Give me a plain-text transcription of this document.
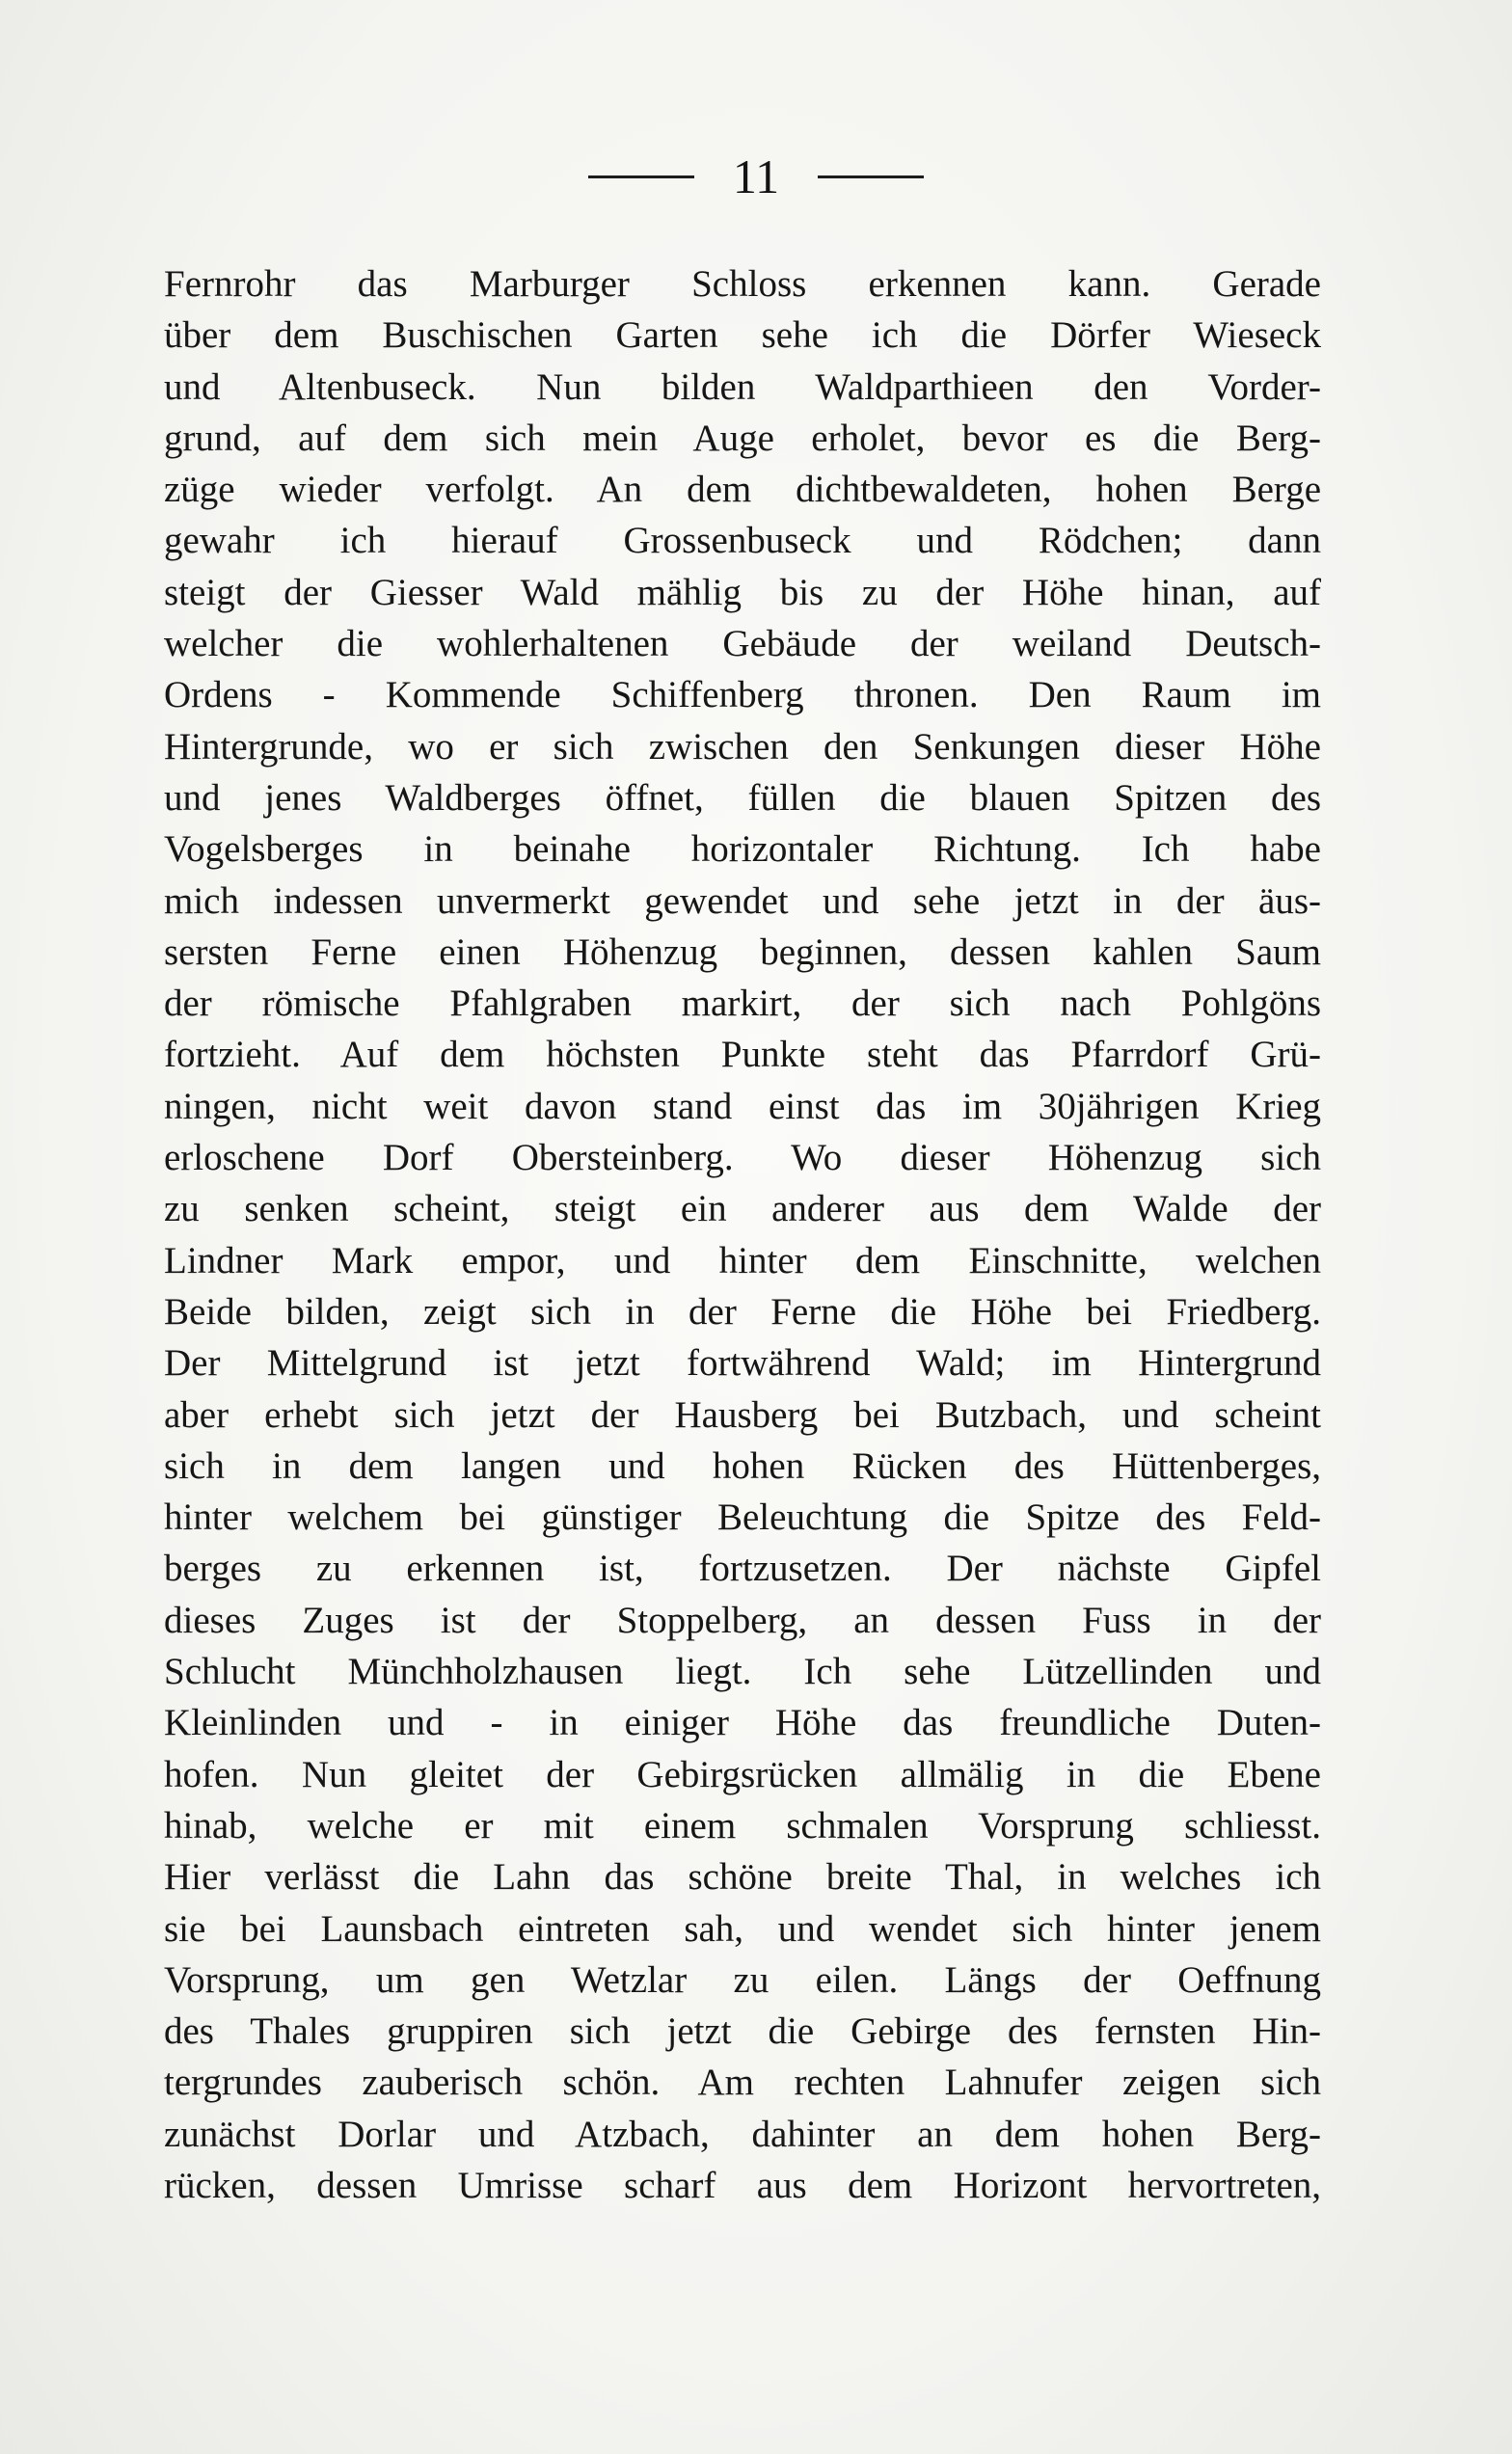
11
Fernrohr das Marburger Schloss erkennen kann. Gerade
über dem Buschischen Garten sehe ich die Dörfer Wieseck
und Altenbuseck. Nun bilden Waldparthieen den Vorder-
grund, auf dem sich mein Auge erholet, bevor es die Berg-
züge wieder verfolgt. An dem dichtbewaldeten, hohen Berge
gewahr ich hierauf Grossenbuseck und Rödchen; dann
steigt der Giesser Wald mählig bis zu der Höhe hinan, auf
welcher die wohlerhaltenen Gebäude der weiland Deutsch-
Ordens - Kommende Schiffenberg thronen. Den Raum im
Hintergrunde, wo er sich zwischen den Senkungen dieser Höhe
und jenes Waldberges öffnet, füllen die blauen Spitzen des
Vogelsberges in beinahe horizontaler Richtung. Ich habe
mich indessen unvermerkt gewendet und sehe jetzt in der äus-
sersten Ferne einen Höhenzug beginnen, dessen kahlen Saum
der römische Pfahlgraben markirt, der sich nach Pohlgöns
fortzieht. Auf dem höchsten Punkte steht das Pfarrdorf Grü-
ningen, nicht weit davon stand einst das im 30jährigen Krieg
erloschene Dorf Obersteinberg. Wo dieser Höhenzug sich
zu senken scheint, steigt ein anderer aus dem Walde der
Lindner Mark empor, und hinter dem Einschnitte, welchen
Beide bilden, zeigt sich in der Ferne die Höhe bei Friedberg.
Der Mittelgrund ist jetzt fortwährend Wald; im Hintergrund
aber erhebt sich jetzt der Hausberg bei Butzbach, und scheint
sich in dem langen und hohen Rücken des Hüttenberges,
hinter welchem bei günstiger Beleuchtung die Spitze des Feld-
berges zu erkennen ist, fortzusetzen. Der nächste Gipfel
dieses Zuges ist der Stoppelberg, an dessen Fuss in der
Schlucht Münchholzhausen liegt. Ich sehe Lützellinden und
Kleinlinden und - in einiger Höhe das freundliche Duten-
hofen. Nun gleitet der Gebirgsrücken allmälig in die Ebene
hinab, welche er mit einem schmalen Vorsprung schliesst.
Hier verlässt die Lahn das schöne breite Thal, in welches ich
sie bei Launsbach eintreten sah, und wendet sich hinter jenem
Vorsprung, um gen Wetzlar zu eilen. Längs der Oeffnung
des Thales gruppiren sich jetzt die Gebirge des fernsten Hin-
tergrundes zauberisch schön. Am rechten Lahnufer zeigen sich
zunächst Dorlar und Atzbach, dahinter an dem hohen Berg-
rücken, dessen Umrisse scharf aus dem Horizont hervortreten,
